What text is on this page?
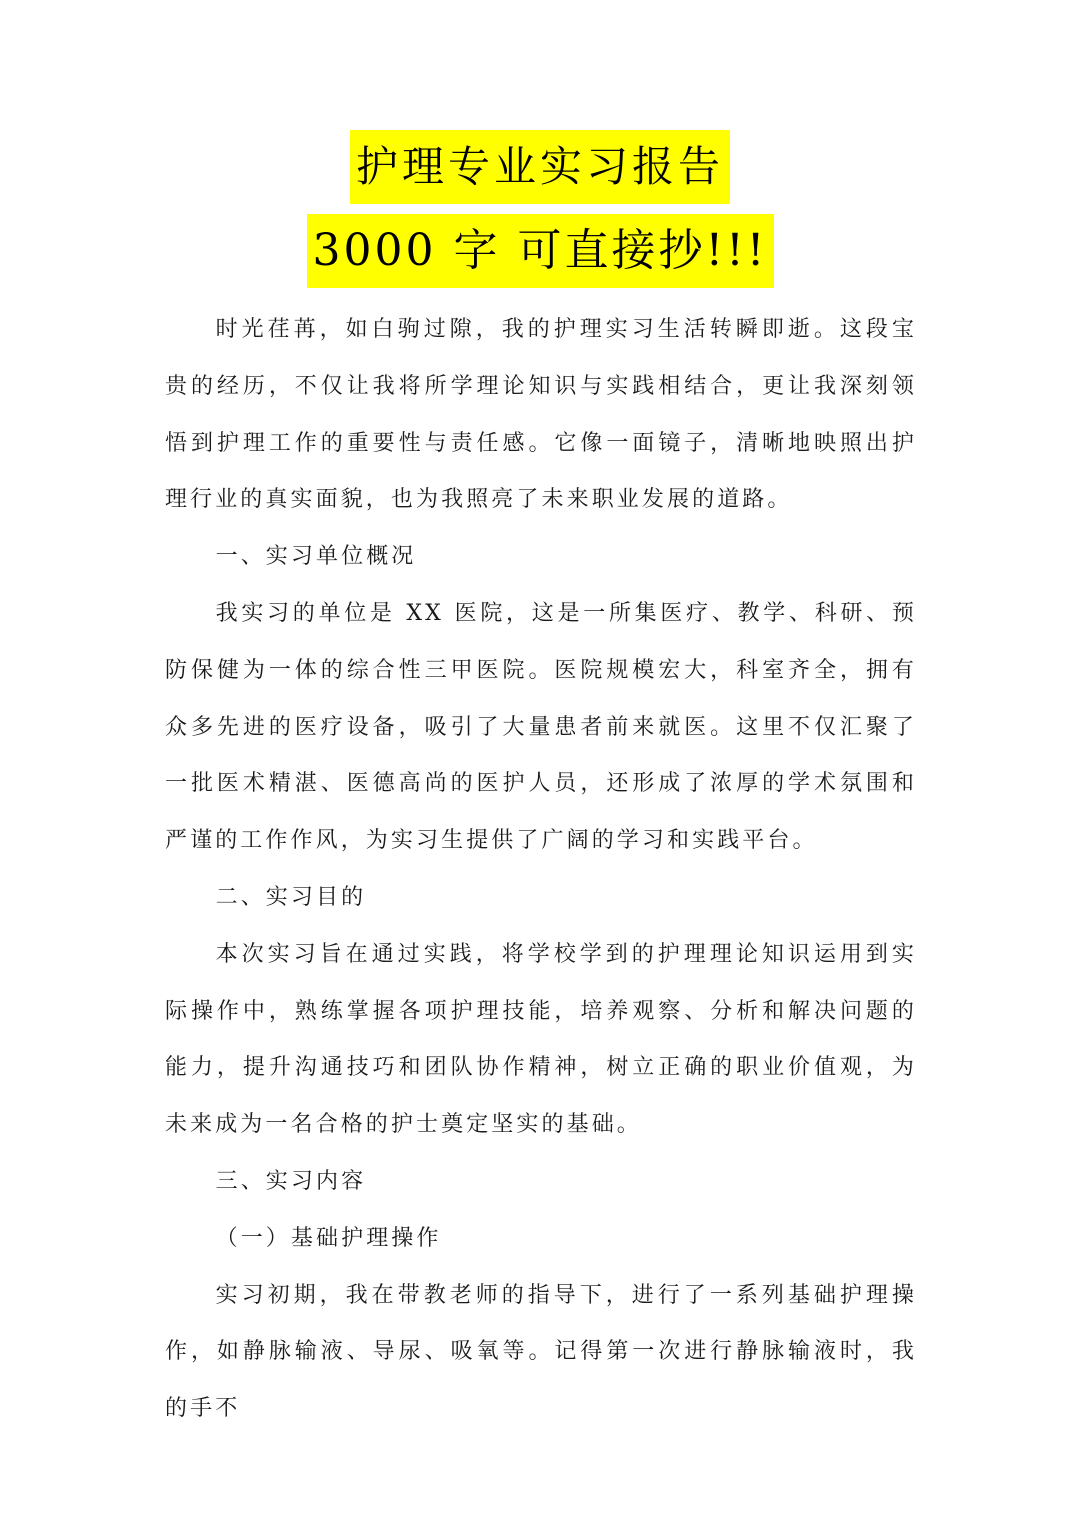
护理专业实习报告
3000 字 可直接抄!!!

时光荏苒，如白驹过隙，我的护理实习生活转瞬即逝。这段宝贵的经历，不仅让我将所学理论知识与实践相结合，更让我深刻领悟到护理工作的重要性与责任感。它像一面镜子，清晰地映照出护理行业的真实面貌，也为我照亮了未来职业发展的道路。

一、实习单位概况

我实习的单位是 XX 医院，这是一所集医疗、教学、科研、预防保健为一体的综合性三甲医院。医院规模宏大，科室齐全，拥有众多先进的医疗设备，吸引了大量患者前来就医。这里不仅汇聚了一批医术精湛、医德高尚的医护人员，还形成了浓厚的学术氛围和严谨的工作作风，为实习生提供了广阔的学习和实践平台。

二、实习目的

本次实习旨在通过实践，将学校学到的护理理论知识运用到实际操作中，熟练掌握各项护理技能，培养观察、分析和解决问题的能力，提升沟通技巧和团队协作精神，树立正确的职业价值观，为未来成为一名合格的护士奠定坚实的基础。

三、实习内容

（一）基础护理操作

实习初期，我在带教老师的指导下，进行了一系列基础护理操作，如静脉输液、导尿、吸氧等。记得第一次进行静脉输液时，我的手不
